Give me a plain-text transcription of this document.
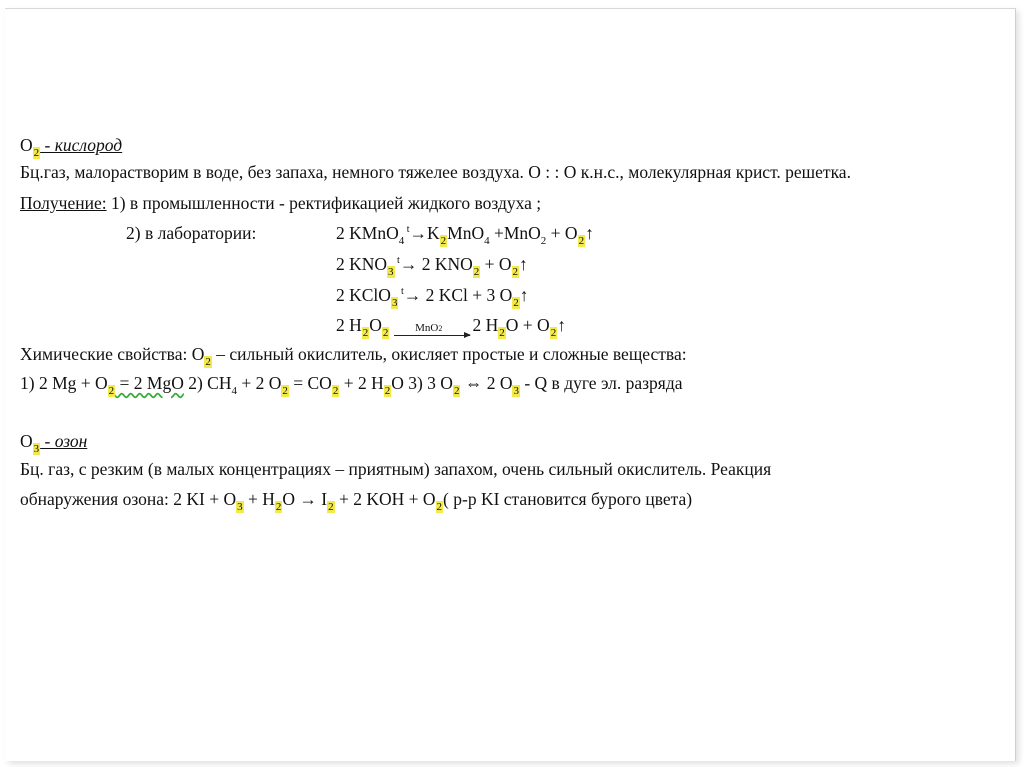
$O_2$ - кислород
Бц.газ, малорастворим в воде, без запаха, немного тяжелее воздуха. О : : О к.н.с., молекулярная крист. решетка.
Получение: 1) в промышленности - ректификацией жидкого воздуха ;
2) в лаборатории:	2 KMnO$_4$ $^t\to K_2MnO_4 +MnO_2$ + $O_2↑$
2 $KNO_3$ $^t$→ 2 $KNO_2$ + $O_2↑$
2 KClO$_3$ $^t$→ 2 KCl + 3 $O_2↑$
2 $H_2O_2$ MnO2 2 $H_2O$ + $O_2↑$
Химические свойства: $O_2$ – сильный окислитель, окисляет простые и сложные вещества:
1) 2 $Mg + O_2 = 2$ MgO 2) $CH_4 + 2$ $O_2 = CO_2 + 2$ $H_2O$ 3) 3 $O_2$ ⇔ 2 $O_3$ - Q в дуге эл. разряда
$O_3$ - озон
Бц. газ, с резким (в малых концентрациях – приятным) запахом, очень сильный окислитель. Реакция
обнаружения озона: 2 KI + $O_3 + H_2O \to I_2 + 2$ KOH + $O_2$( р-р KI становится бурого цвета)
